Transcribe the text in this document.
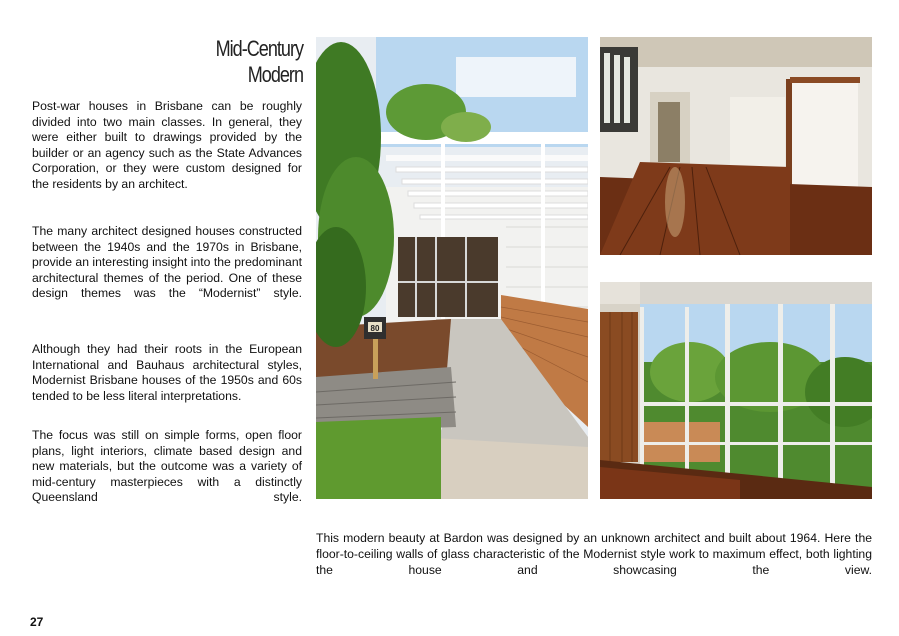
Mid-Century Modern

Post-war houses in Brisbane can be roughly divided into two main classes. In general, they were either built to drawings provided by the builder or an agency such as the State Advances Corporation, or they were custom designed for the residents by an architect.

The many architect designed houses constructed between the 1940s and the 1970s in Brisbane, provide an interesting insight into the predominant architectural themes of the period. One of these design themes was the “Modernist” style.

Although they had their roots in the European International and Bauhaus architectural styles, Modernist Brisbane houses of the 1950s and 60s tended to be less literal interpretations.

The focus was still on simple forms, open floor plans, light interiors, climate based design and new materials, but the outcome was a variety of mid-century masterpieces with a distinctly Queensland style.

80

This modern beauty at Bardon was designed by an unknown architect and built about 1964. Here the floor-to-ceiling walls of glass characteristic of the Modernist style work to maximum effect, both lighting the house and showcasing the view.

27
